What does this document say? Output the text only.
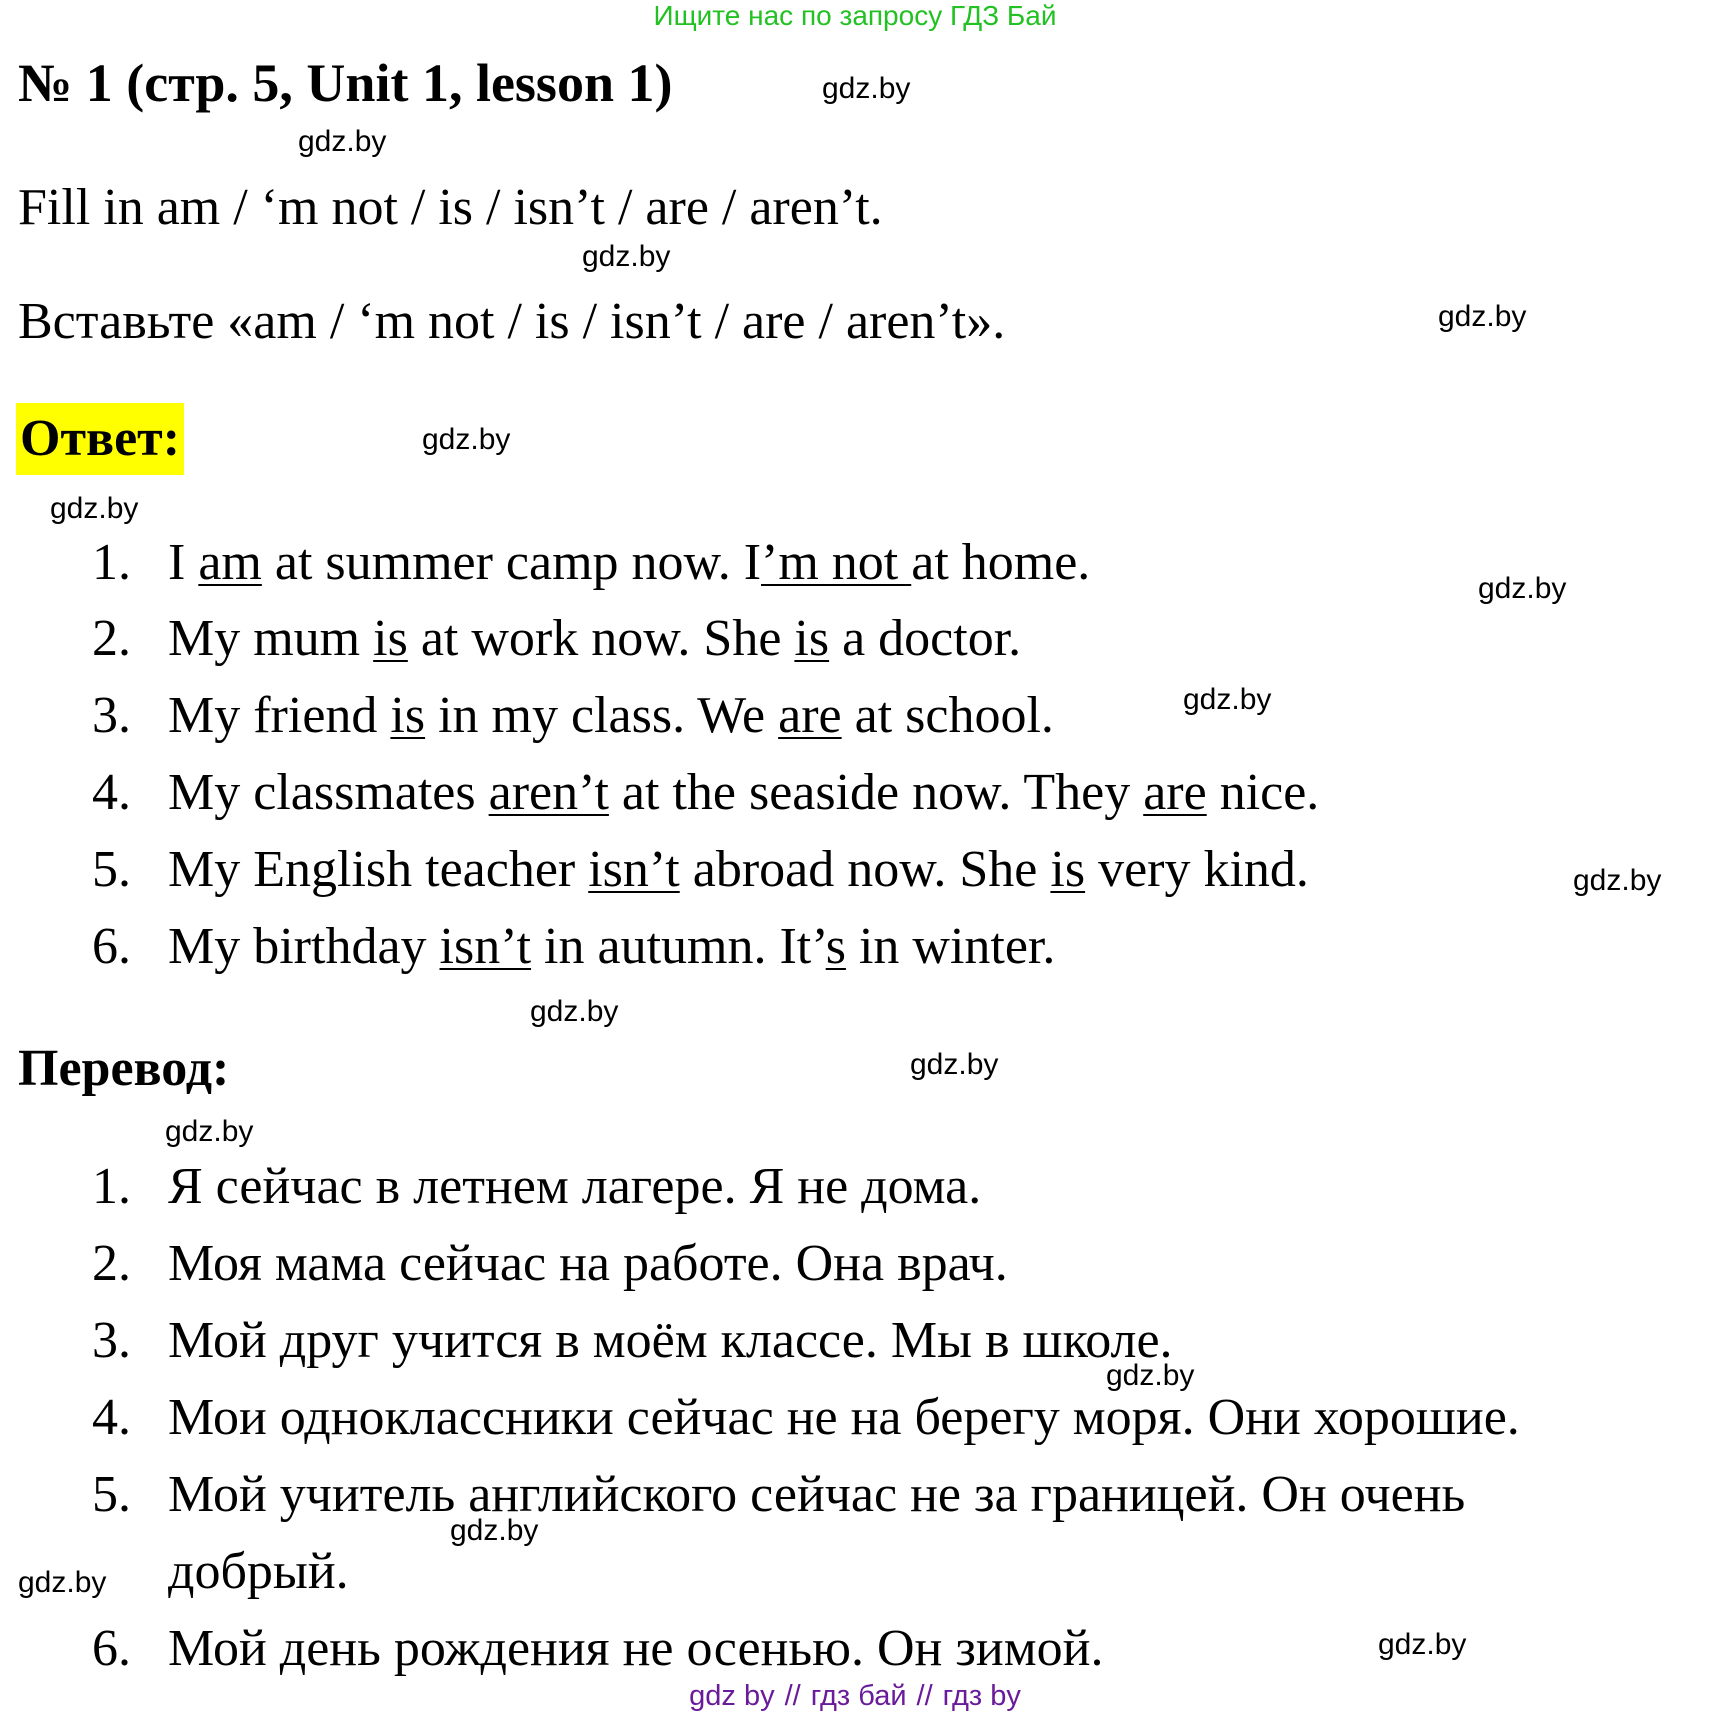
Ищите нас по запросу ГДЗ Бай
№ 1 (стр. 5, Unit 1, lesson 1)
Fill in am / ‘m not / is / isn’t / are / aren’t.
Вставьте «am / ‘m not / is / isn’t / are / aren’t».
Ответ:
1. I am at summer camp now. I’m not at home.
2. My mum is at work now. She is a doctor.
3. My friend is in my class. We are at school.
4. My classmates aren’t at the seaside now. They are nice.
5. My English teacher isn’t abroad now. She is very kind.
6. My birthday isn’t in autumn. It’s in winter.
Перевод:
1. Я сейчас в летнем лагере. Я не дома.
2. Моя мама сейчас на работе. Она врач.
3. Мой друг учится в моём классе. Мы в школе.
4. Мои одноклассники сейчас не на берегу моря. Они хорошие.
5. Мой учитель английского сейчас не за границей. Он очень
добрый.
6. Мой день рождения не осенью. Он зимой.
gdz.by
gdz.by
gdz.by
gdz.by
gdz.by
gdz.by
gdz.by
gdz.by
gdz.by
gdz.by
gdz.by
gdz.by
gdz.by
gdz.by
gdz.by
gdz.by
gdz by // гдз бай // гдз by
